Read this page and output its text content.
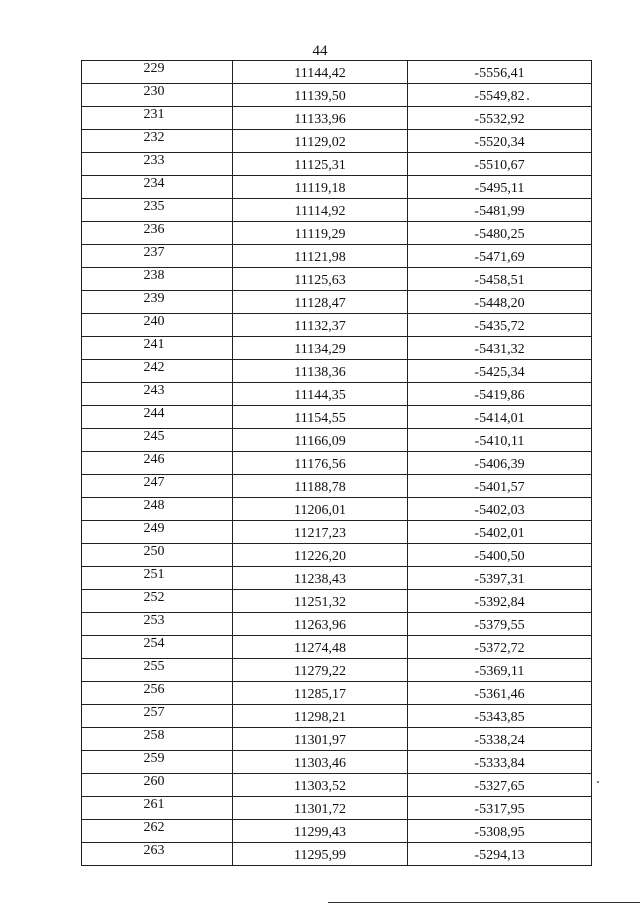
44
229	11144,42	-5556,41
230	11139,50	-5549,82
231	11133,96	-5532,92
232	11129,02	-5520,34
233	11125,31	-5510,67
234	11119,18	-5495,11
235	11114,92	-5481,99
236	11119,29	-5480,25
237	11121,98	-5471,69
238	11125,63	-5458,51
239	11128,47	-5448,20
240	11132,37	-5435,72
241	11134,29	-5431,32
242	11138,36	-5425,34
243	11144,35	-5419,86
244	11154,55	-5414,01
245	11166,09	-5410,11
246	11176,56	-5406,39
247	11188,78	-5401,57
248	11206,01	-5402,03
249	11217,23	-5402,01
250	11226,20	-5400,50
251	11238,43	-5397,31
252	11251,32	-5392,84
253	11263,96	-5379,55
254	11274,48	-5372,72
255	11279,22	-5369,11
256	11285,17	-5361,46
257	11298,21	-5343,85
258	11301,97	-5338,24
259	11303,46	-5333,84
260	11303,52	-5327,65
261	11301,72	-5317,95
262	11299,43	-5308,95
263	11295,99	-5294,13
